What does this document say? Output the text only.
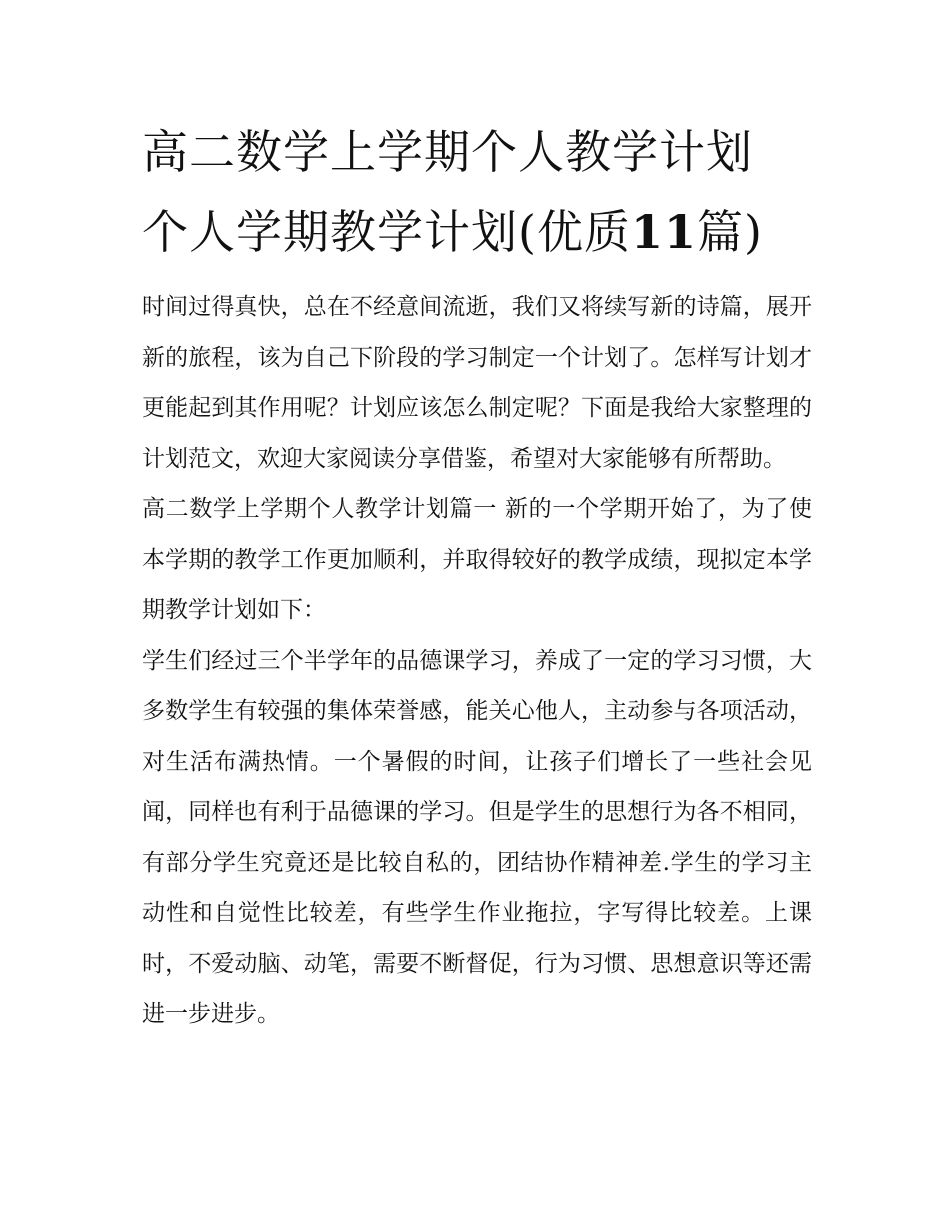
高二数学上学期个人教学计划
个人学期教学计划(优质11篇)

时间过得真快，总在不经意间流逝，我们又将续写新的诗篇，展开新的旅程，该为自己下阶段的学习制定一个计划了。怎样写计划才更能起到其作用呢？计划应该怎么制定呢？下面是我给大家整理的计划范文，欢迎大家阅读分享借鉴，希望对大家能够有所帮助。

高二数学上学期个人教学计划篇一 新的一个学期开始了，为了使本学期的教学工作更加顺利，并取得较好的教学成绩，现拟定本学期教学计划如下：

学生们经过三个半学年的品德课学习，养成了一定的学习习惯，大多数学生有较强的集体荣誉感，能关心他人，主动参与各项活动，对生活布满热情。一个暑假的时间，让孩子们增长了一些社会见闻，同样也有利于品德课的学习。但是学生的思想行为各不相同，有部分学生究竟还是比较自私的，团结协作精神差.学生的学习主动性和自觉性比较差，有些学生作业拖拉，字写得比较差。上课时，不爱动脑、动笔，需要不断督促，行为习惯、思想意识等还需进一步进步。
